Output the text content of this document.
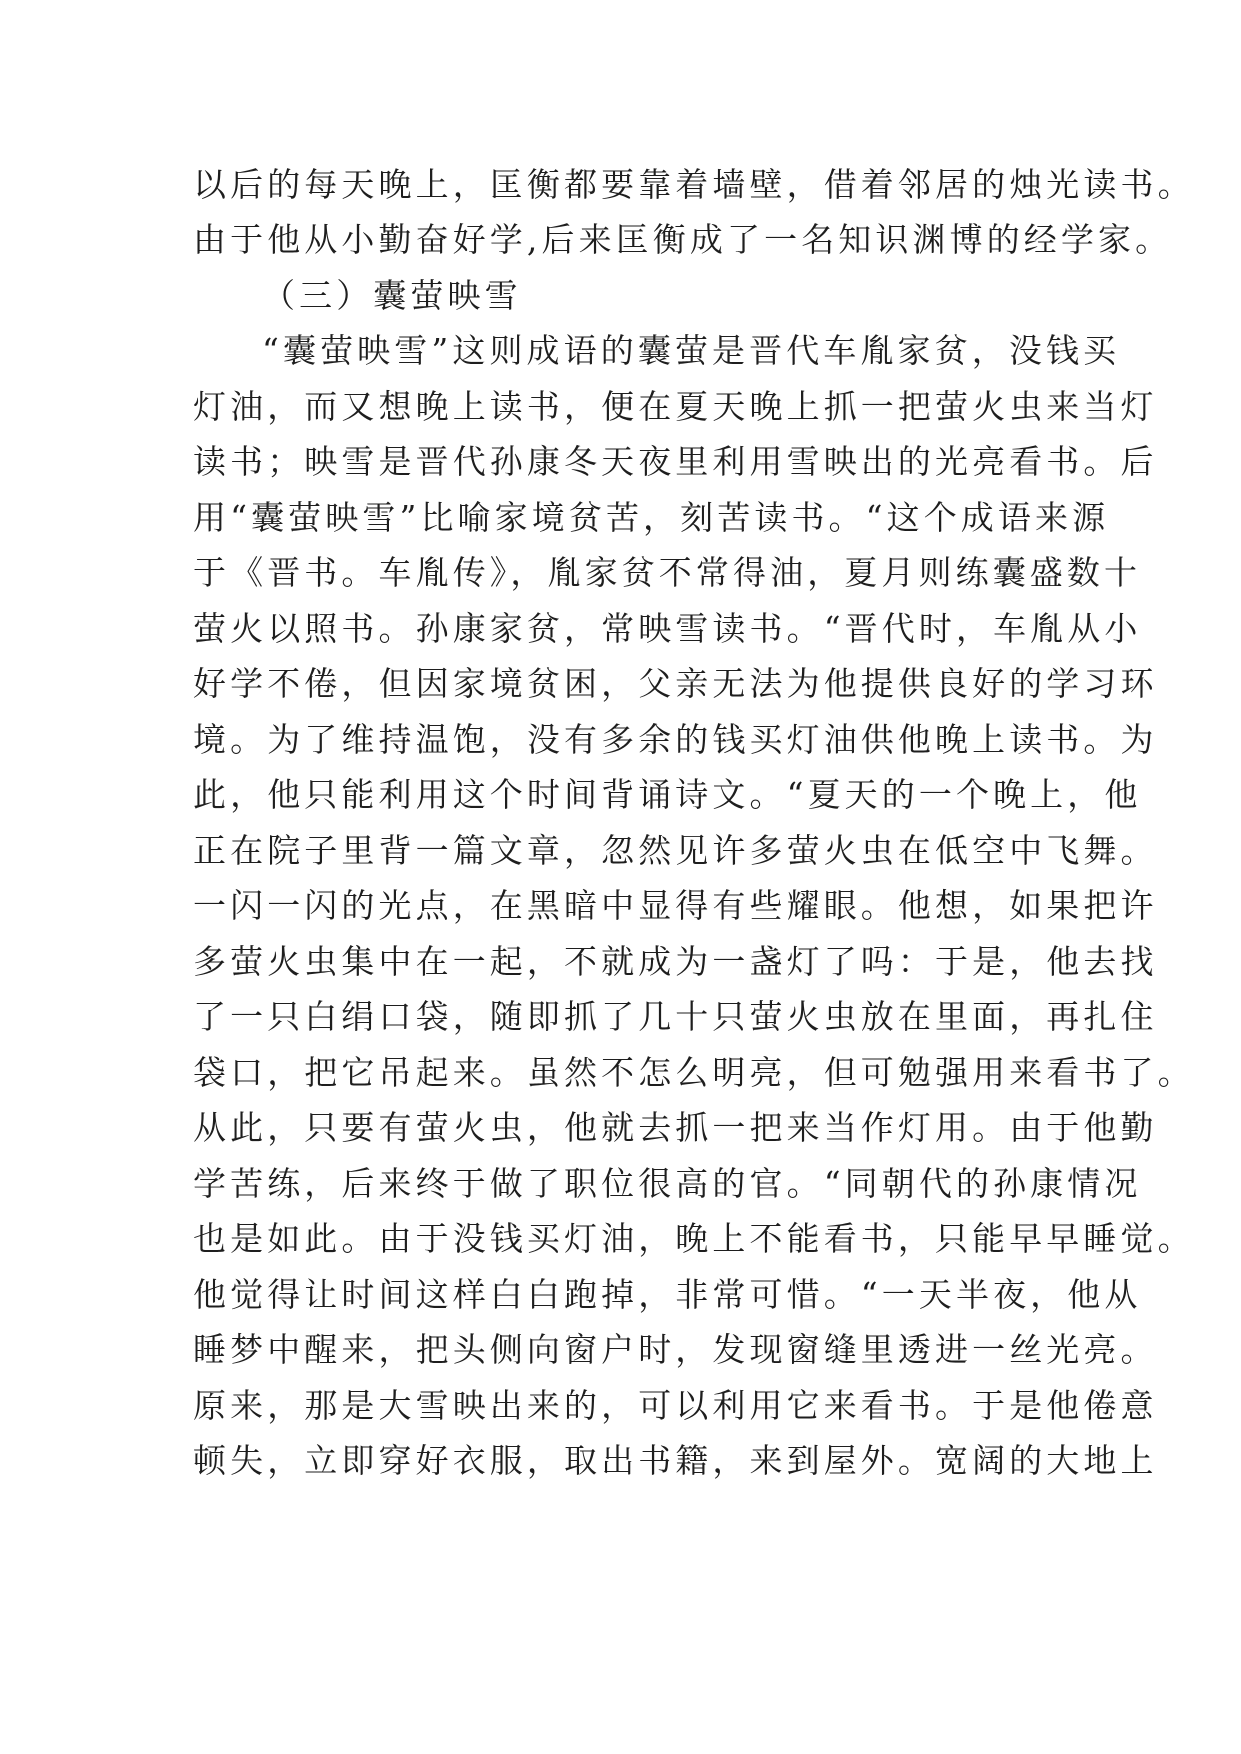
以后的每天晚上，匡衡都要靠着墙壁，借着邻居的烛光读书。
由于他从小勤奋好学,后来匡衡成了一名知识渊博的经学家。
（三）囊萤映雪
“囊萤映雪”这则成语的囊萤是晋代车胤家贫，没钱买
灯油，而又想晚上读书，便在夏天晚上抓一把萤火虫来当灯
读书；映雪是晋代孙康冬天夜里利用雪映出的光亮看书。后
用“囊萤映雪”比喻家境贫苦，刻苦读书。“这个成语来源
于《晋书。车胤传》，胤家贫不常得油，夏月则练囊盛数十
萤火以照书。孙康家贫，常映雪读书。“晋代时，车胤从小
好学不倦，但因家境贫困，父亲无法为他提供良好的学习环
境。为了维持温饱，没有多余的钱买灯油供他晚上读书。为
此，他只能利用这个时间背诵诗文。“夏天的一个晚上，他
正在院子里背一篇文章，忽然见许多萤火虫在低空中飞舞。
一闪一闪的光点，在黑暗中显得有些耀眼。他想，如果把许
多萤火虫集中在一起，不就成为一盏灯了吗：于是，他去找
了一只白绢口袋，随即抓了几十只萤火虫放在里面，再扎住
袋口，把它吊起来。虽然不怎么明亮，但可勉强用来看书了。
从此，只要有萤火虫，他就去抓一把来当作灯用。由于他勤
学苦练，后来终于做了职位很高的官。“同朝代的孙康情况
也是如此。由于没钱买灯油，晚上不能看书，只能早早睡觉。
他觉得让时间这样白白跑掉，非常可惜。“一天半夜，他从
睡梦中醒来，把头侧向窗户时，发现窗缝里透进一丝光亮。
原来，那是大雪映出来的，可以利用它来看书。于是他倦意
顿失，立即穿好衣服，取出书籍，来到屋外。宽阔的大地上
